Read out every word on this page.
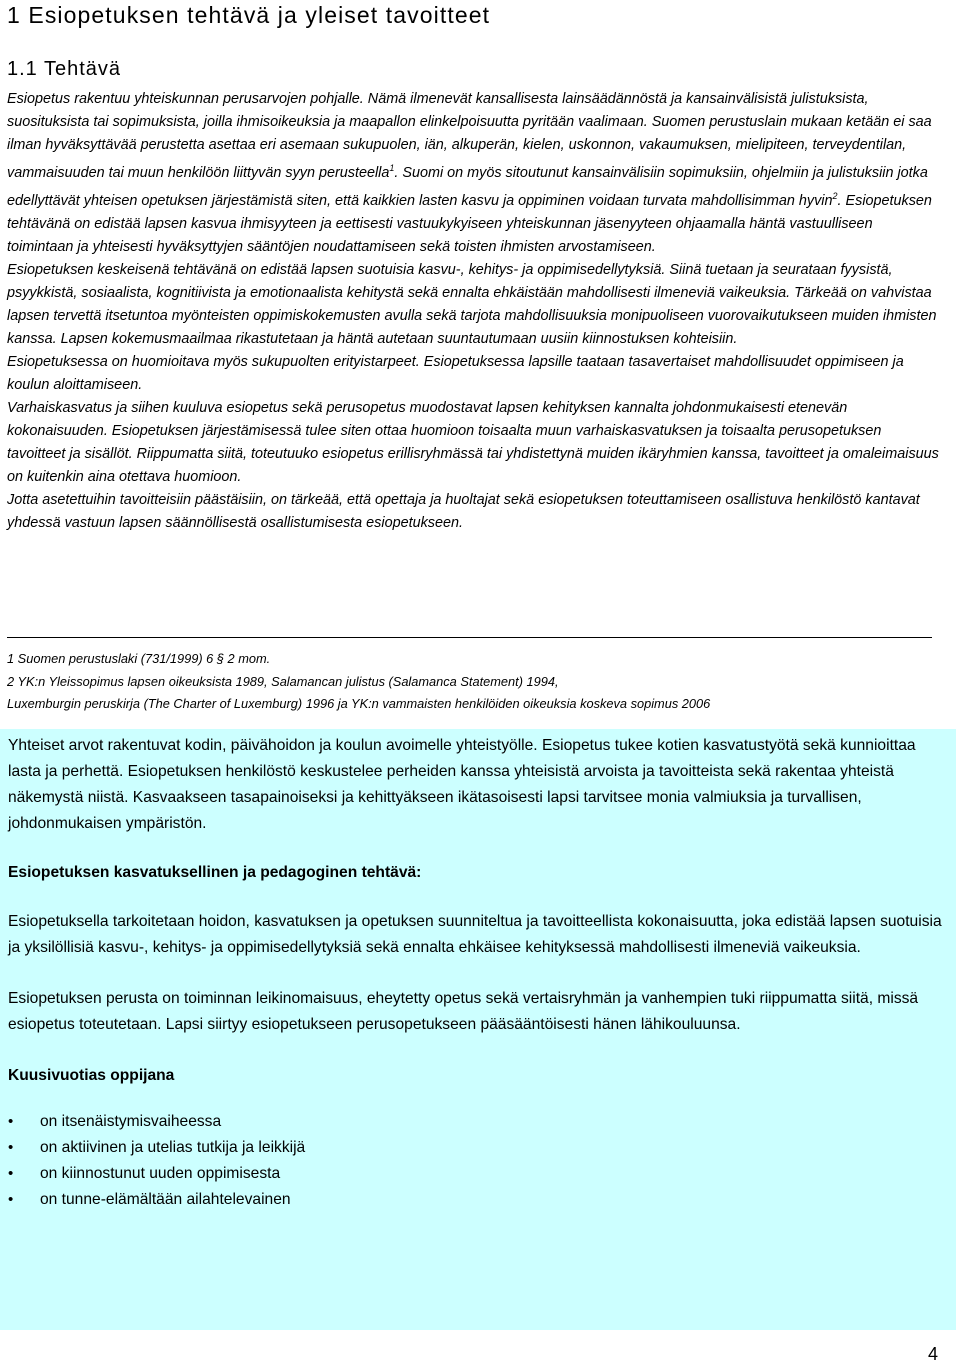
1 Esiopetuksen tehtävä ja yleiset tavoitteet
1.1 Tehtävä

Esiopetus rakentuu yhteiskunnan perusarvojen pohjalle. Nämä ilmenevät kansallisesta lainsäädännöstä ja kansainvälisistä julistuksista, suosituksista tai sopimuksista, joilla ihmisoikeuksia ja maapallon elinkelpoisuutta pyritään vaalimaan. Suomen perustuslain mukaan ketään ei saa ilman hyväksyttävää perustetta asettaa eri asemaan sukupuolen, iän, alkuperän, kielen, uskonnon, vakaumuksen, mielipiteen, terveydentilan, vammaisuuden tai muun henkilöön liittyvän syyn perusteella$^1$. Suomi on myös sitoutunut kansainvälisiin sopimuksiin, ohjelmiin ja julistuksiin jotka edellyttävät yhteisen opetuksen järjestämistä siten, että kaikkien lasten kasvu ja oppiminen voidaan turvata mahdollisimman hyvin$^2$. Esiopetuksen tehtävänä on edistää lapsen kasvua ihmisyyteen ja eettisesti vastuukykyiseen yhteiskunnan jäsenyyteen ohjaamalla häntä vastuulliseen toimintaan ja yhteisesti hyväksyttyjen sääntöjen noudattamiseen sekä toisten ihmisten arvostamiseen.

Esiopetuksen keskeisenä tehtävänä on edistää lapsen suotuisia kasvu-, kehitys- ja oppimisedellytyksiä. Siinä tuetaan ja seurataan fyysistä, psyykkistä, sosiaalista, kognitiivista ja emotionaalista kehitystä sekä ennalta ehkäistään mahdollisesti ilmeneviä vaikeuksia. Tärkeää on vahvistaa lapsen tervettä itsetuntoa myönteisten oppimiskokemusten avulla sekä tarjota mahdollisuuksia monipuoliseen vuorovaikutukseen muiden ihmisten kanssa. Lapsen kokemusmaailmaa rikastutetaan ja häntä autetaan suuntautumaan uusiin kiinnostuksen kohteisiin.

Esiopetuksessa on huomioitava myös sukupuolten erityistarpeet. Esiopetuksessa lapsille taataan tasavertaiset mahdollisuudet oppimiseen ja koulun aloittamiseen.

Varhaiskasvatus ja siihen kuuluva esiopetus sekä perusopetus muodostavat lapsen kehityksen kannalta johdonmukaisesti etenevän kokonaisuuden. Esiopetuksen järjestämisessä tulee siten ottaa huomioon toisaalta muun varhaiskasvatuksen ja toisaalta perusopetuksen tavoitteet ja sisällöt. Riippumatta siitä, toteutuuko esiopetus erillisryhmässä tai yhdistettynä muiden ikäryhmien kanssa, tavoitteet ja omaleimaisuus on kuitenkin aina otettava huomioon.

Jotta asetettuihin tavoitteisiin päästäisiin, on tärkeää, että opettaja ja huoltajat sekä esiopetuksen toteuttamiseen osallistuva henkilöstö kantavat yhdessä vastuun lapsen säännöllisestä osallistumisesta esiopetukseen.

1 Suomen perustuslaki (731/1999) 6 § 2 mom.

2 YK:n Yleissopimus lapsen oikeuksista 1989, Salamancan julistus (Salamanca Statement) 1994,

Luxemburgin peruskirja (The Charter of Luxemburg) 1996 ja YK:n vammaisten henkilöiden oikeuksia koskeva sopimus 2006

Yhteiset arvot rakentuvat kodin, päivähoidon ja koulun avoimelle yhteistyölle. Esiopetus tukee kotien kasvatustyötä sekä kunnioittaa lasta ja perhettä. Esiopetuksen henkilöstö keskustelee perheiden kanssa yhteisistä arvoista ja tavoitteista sekä rakentaa yhteistä näkemystä niistä. Kasvaakseen tasapainoiseksi ja kehittyäkseen ikätasoisesti lapsi tarvitsee monia valmiuksia ja turvallisen, johdonmukaisen ympäristön.

Esiopetuksen kasvatuksellinen ja pedagoginen tehtävä:

Esiopetuksella tarkoitetaan hoidon, kasvatuksen ja opetuksen suunniteltua ja tavoitteellista kokonaisuutta, joka edistää lapsen suotuisia ja yksilöllisiä kasvu-, kehitys- ja oppimisedellytyksiä sekä ennalta ehkäisee kehityksessä mahdollisesti ilmeneviä vaikeuksia.

Esiopetuksen perusta on toiminnan leikinomaisuus, eheytetty opetus sekä vertaisryhmän ja vanhempien tuki riippumatta siitä, missä esiopetus toteutetaan. Lapsi siirtyy esiopetukseen perusopetukseen pääsääntöisesti hänen lähikouluunsa.

Kuusivuotias oppijana

• on itsenäistymisvaiheessa
• on aktiivinen ja utelias tutkija ja leikkijä
• on kiinnostunut uuden oppimisesta
• on tunne-elämältään ailahtelevainen
4
